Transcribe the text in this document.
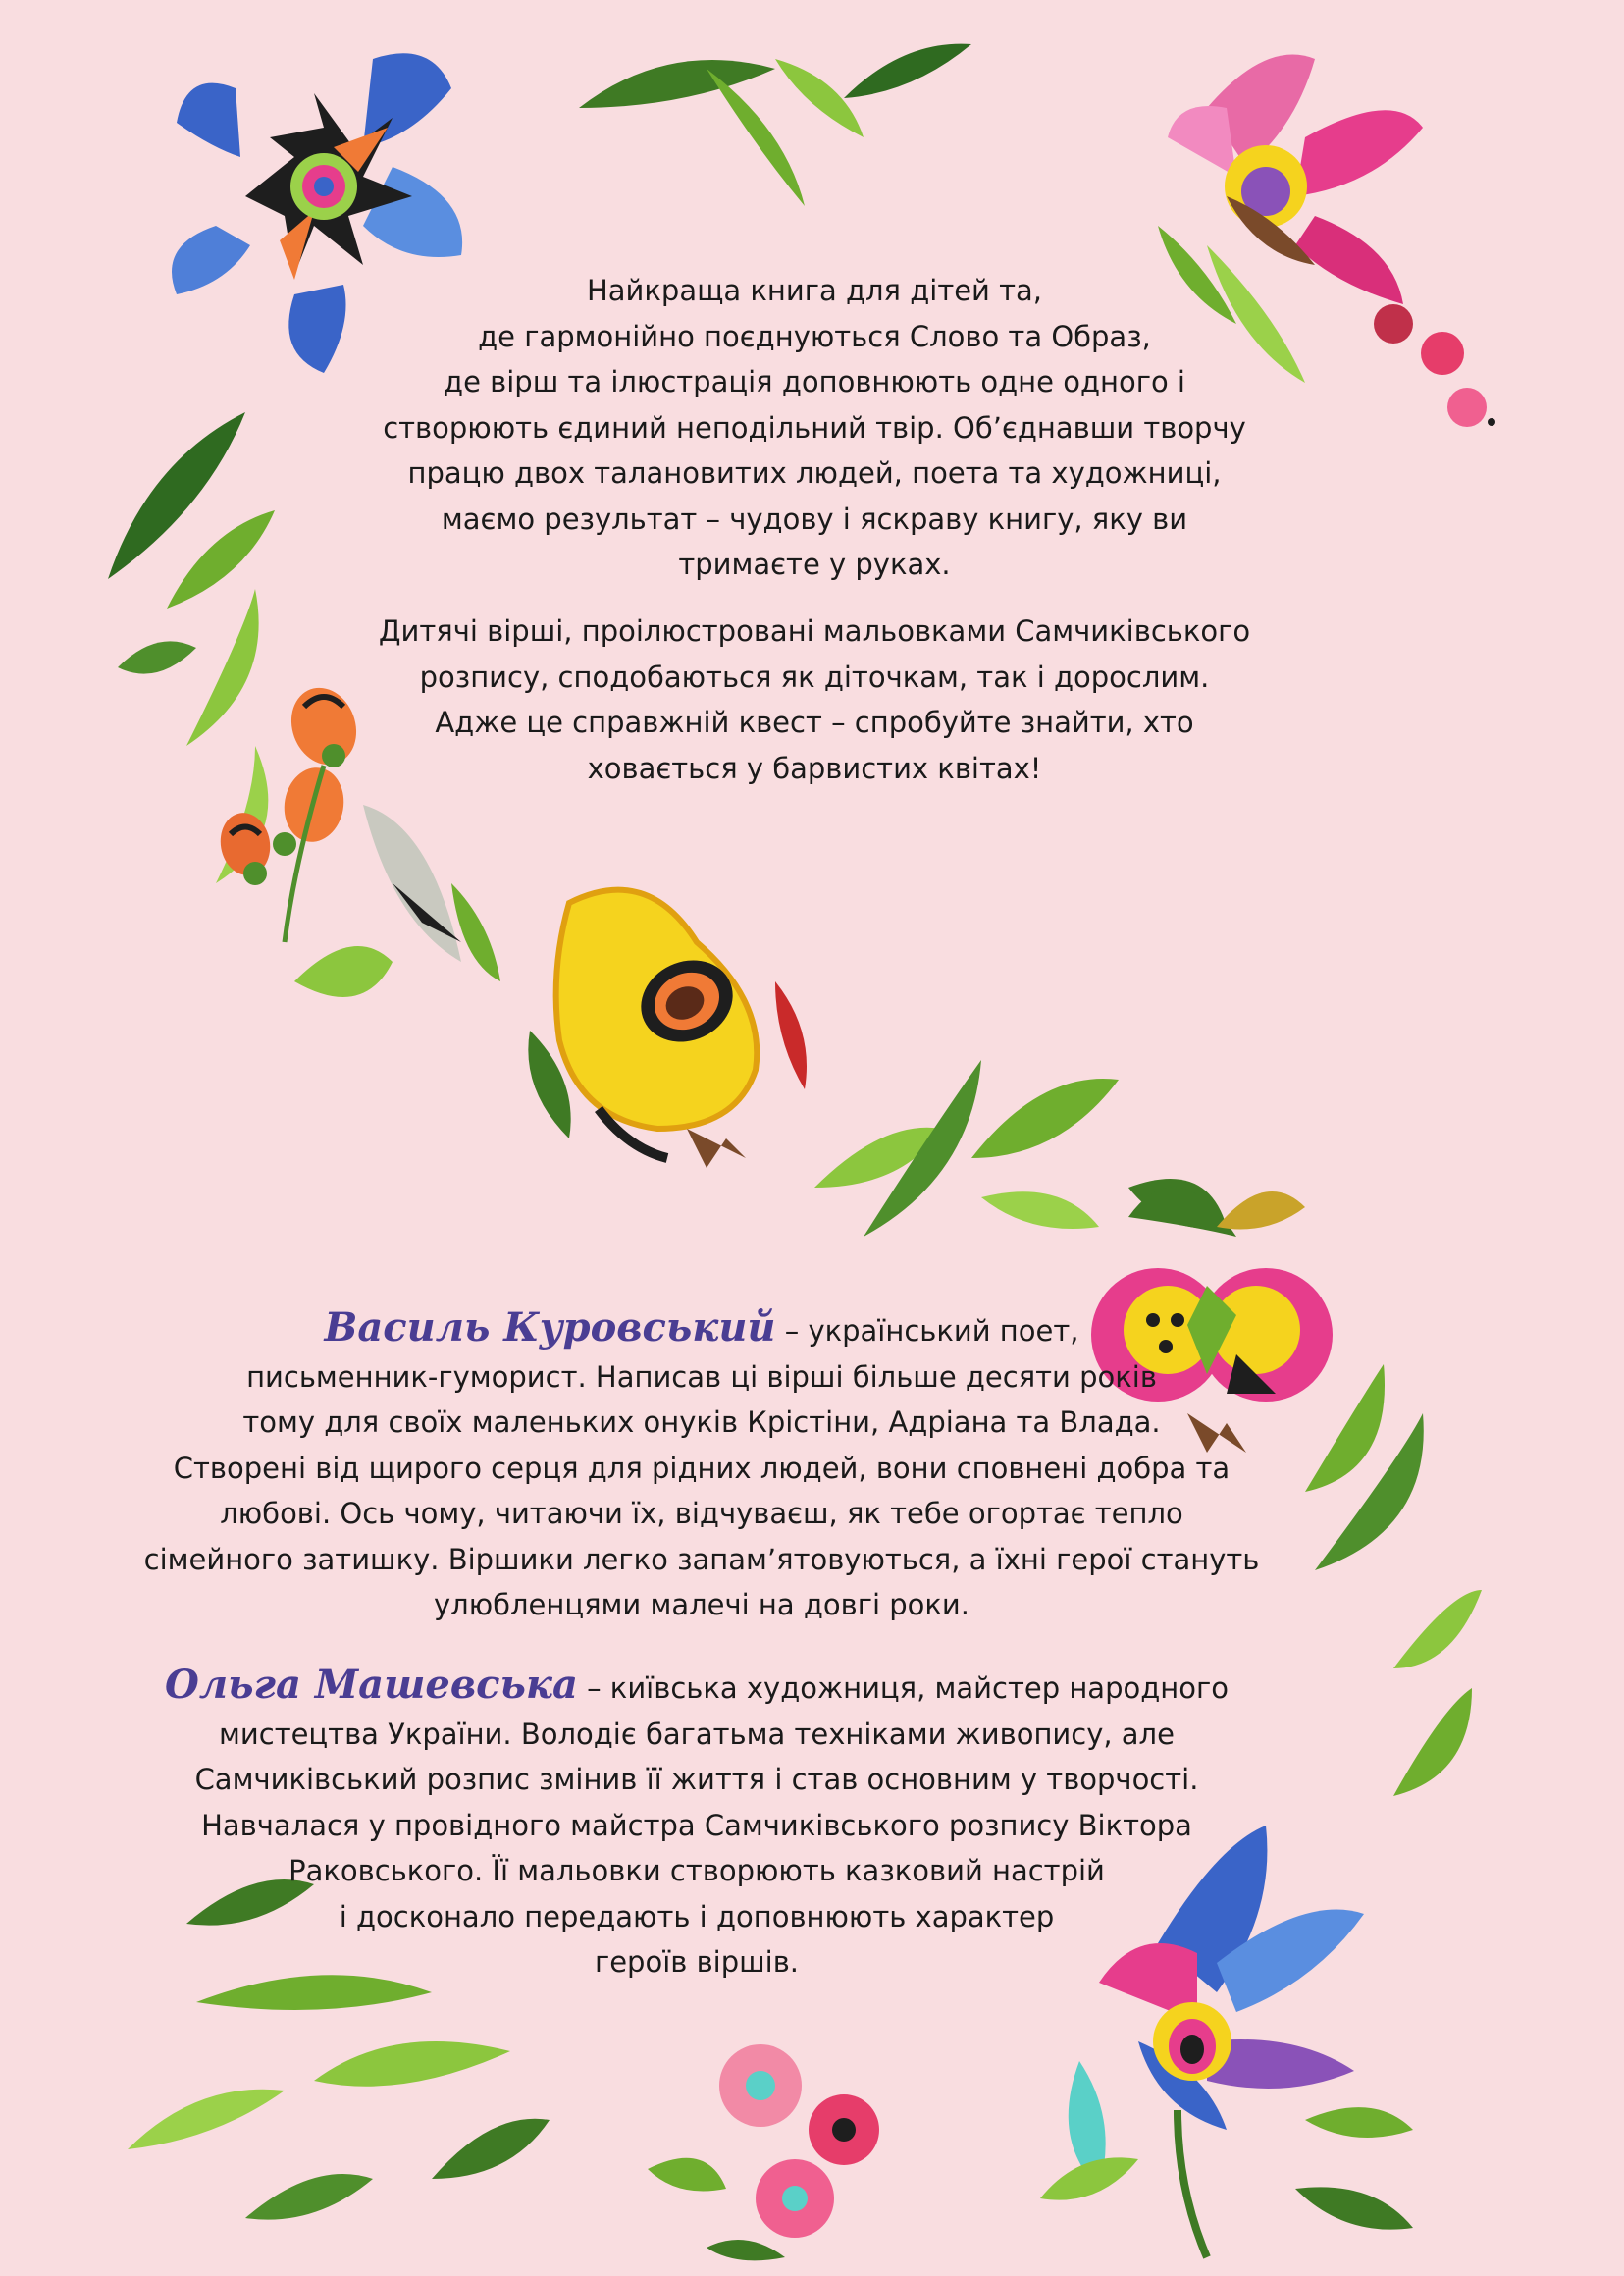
Найкраща книга для дітей та,
де гармонійно поєднуються Слово та Образ,
де вірш та ілюстрація доповнюють одне одного і
створюють єдиний неподільний твір. Об’єднавши творчу
працю двох талановитих людей, поета та художниці,
маємо результат – чудову і яскраву книгу, яку ви
тримаєте у руках.

Дитячі вірші, проілюстровані мальовками Самчиківського
розпису, сподобаються як діточкам, так і дорослим.
Адже це справжній квест – спробуйте знайти, хто
ховається у барвистих квітах!

Василь Куровський – український поет,
письменник-гуморист. Написав ці вірші більше десяти років
тому для своїх маленьких онуків Крістіни, Адріана та Влада.
Створені від щирого серця для рідних людей, вони сповнені добра та
любові. Ось чому, читаючи їх, відчуваєш, як тебе огортає тепло
сімейного затишку. Віршики легко запам’ятовуються, а їхні герої стануть
улюбленцями малечі на довгі роки.

Ольга Машевська – київська художниця, майстер народного
мистецтва України. Володіє багатьма техніками живопису, але
Самчиківський розпис змінив її життя і став основним у творчості.
Навчалася у провідного майстра Самчиківського розпису Віктора
Раковського. Її мальовки створюють казковий настрій
і досконало передають і доповнюють характер
героїв віршів.
